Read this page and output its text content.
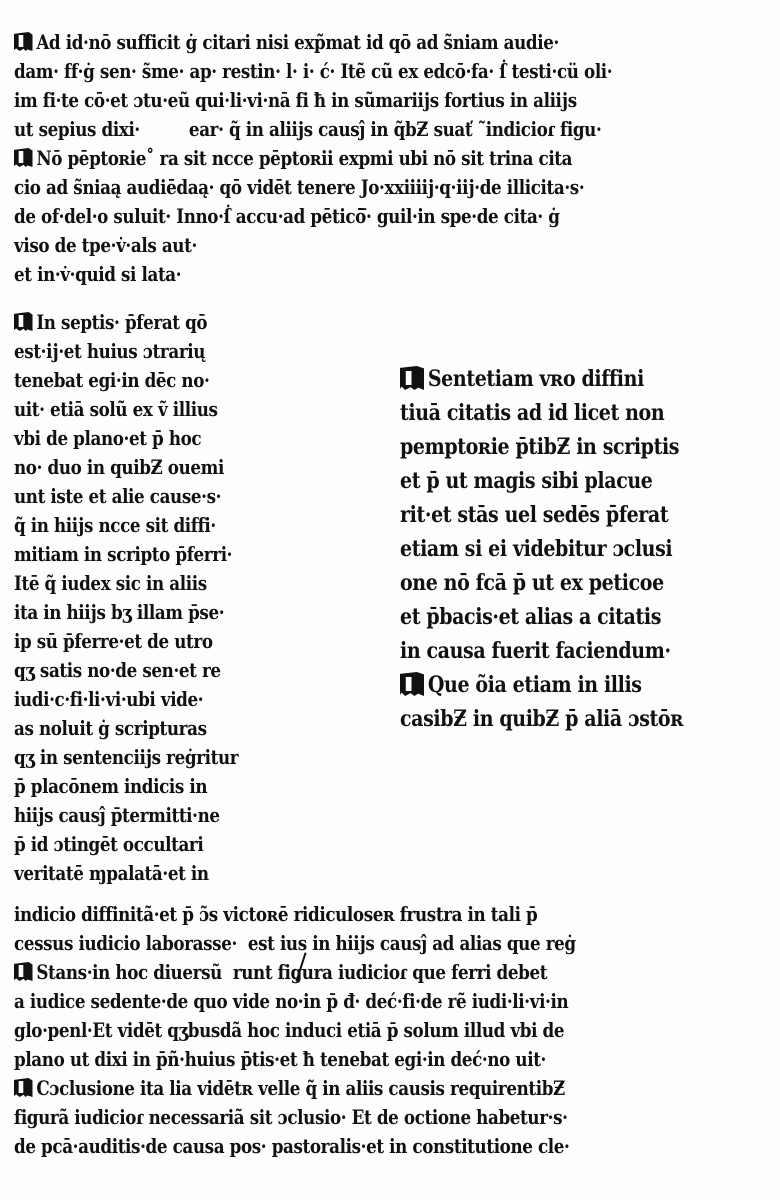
Ad id·nō sufficit ġ citari nisi exp̃mat id qō ad s̃niam audie·
dam· ff·ġ sen· s̃me· ap· restin· l· i· ć· Itẽ cũ ex edcō·fa· ẛ testi·cü oli·
im fi·te cō·et ɔtu·eũ qui·li·vi·nā fi ħ in sũmariĳs fortius in aliĳs
ut sepius dixi·         ear· q̃ in aliĳs causĵ in q̃bƵ suať ˜indicioɾ figu·
Nō pēptoʀie˚ ra sit ncce pēptoʀii expmi ubi nō sit trina cita
cio ad s̃niaą audiēdaą· qō vidēt tenere Jo·xxiiiĳ·q·iĳ·de illicita·s·
de of·del·o suluit· Inno·ẛ accu·ad pēticō̅· guil·in spe·de cita· ġ
viso de tpe·v̇·als aut·
et in·v̇·quid si lata·
In septis· p̄ferat qō
est·ĳ·et huius ɔtrarių
tenebat egi·in dēc no·
uit· etiā solũ ex ṽ illius
vbi de plano·et p̄ hoc
no· duo in quibƵ ouemi
unt iste et alie cause·s·
q̃ in hiĳs ncce sit diffi·
mitiam in scripto p̄ferri·
Itē q̃ iudex sic in aliis
ita in hiĳs bʒ illam p̄se·
ip sū p̄ferre·et de utro
qʒ satis no·de sen·et re
iudi·c·fi·li·vi·ubi vide·
as noluit ġ scripturas
qʒ in sentenciĳs reġritur
p̄ placōnem indicis in
hiĳs causĵ p̄termitti·ne
p̄ id ɔtingēt occultari
veritatē ɱpalatā·et in
Sentetiam vʀo diffini
tiuā citatis ad id licet non
pemptoʀie p̄tibƵ in scriptis
et p̄ ut magis sibi placue
rit·et stās uel sedēs p̄ferat
etiam si ei videbitur ɔclusi
one nō fcā p̄ ut ex peticoe
et p̄bacis·et alias a citatis
in causa fuerit faciendum·
Que õia etiam in illis
casibƵ in quibƵ p̄ aliā ɔstōʀ
indicio diffinitã·et p̄ ɔ̃s victoʀē ridiculoseʀ frustra in tali p̄
cessus iudicio laborasse·  est ius in hiĳs causĵ ad alias que reġ
Stans·in hoc diuersũ  runt figura iudicioɾ que ferri debet
a iudice sedente·de quo vide no·in p̄ đ· deć·fi·de rẽ iudi·li·vi·in
glo·penl·Et vidēt qʒbusdã hoc induci etiā p̄ solum illud vbi de
plano ut dixi in p̄ñ·huius p̄tis·et ħ tenebat egi·in deć·no uit·
Cɔclusione ita lia vidētʀ velle q̃ in aliis causis requirentibƵ
figurã iudicioɾ necessariã sit ɔclusio· Et de octione habetur·s·
de pcā·auditis·de causa pos· pastoralis·et in constitutione cle·
